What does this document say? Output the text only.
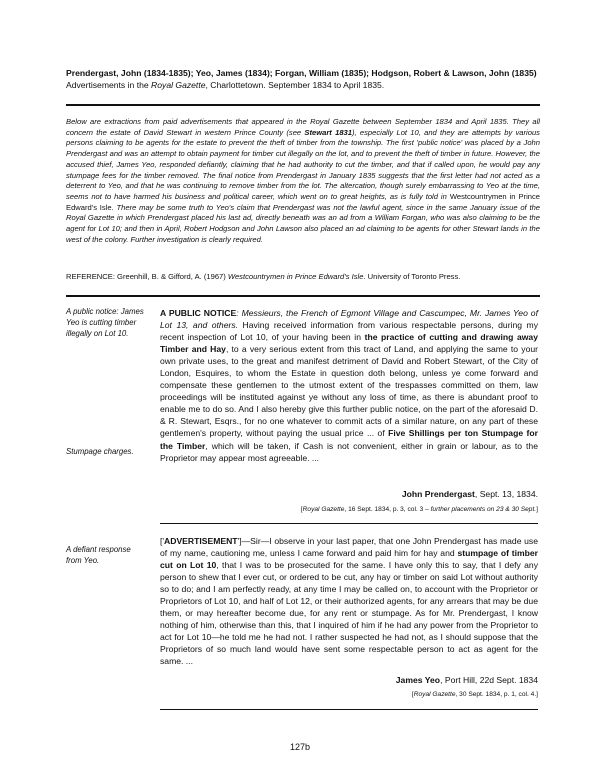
Prendergast, John (1834-1835); Yeo, James (1834); Forgan, William (1835); Hodgson, Robert & Lawson, John (1835) Advertisements in the Royal Gazette, Charlottetown. September 1834 to April 1835.
Below are extractions from paid advertisements that appeared in the Royal Gazette between September 1834 and April 1835. They all concern the estate of David Stewart in western Prince County (see Stewart 1831), especially Lot 10, and they are attempts by various persons claiming to be agents for the estate to prevent the theft of timber from the township. The first 'public notice' was placed by a John Prendergast and was an attempt to obtain payment for timber cut illegally on the lot, and to prevent the theft of timber in future. However, the accused thief, James Yeo, responded defiantly, claiming that he had authority to cut the timber, and that if called upon, he would pay any stumpage fees for the timber removed. The final notice from Prendergast in January 1835 suggests that the first letter had not acted as a deterrent to Yeo, and that he was continuing to remove timber from the lot. The altercation, though surely embarrassing to Yeo at the time, seems not to have harmed his business and political career, which went on to great heights, as is fully told in Westcountrymen in Prince Edward's Isle. There may be some truth to Yeo's claim that Prendergast was not the lawful agent, since in the same January issue of the Royal Gazette in which Prendergast placed his last ad, directly beneath was an ad from a William Forgan, who was also claiming to be the agent for Lot 10; and then in April, Robert Hodgson and John Lawson also placed an ad claiming to be agents for other Stewart lands in the west of the colony. Further investigation is clearly required.
REFERENCE: Greenhill, B. & Gifford, A. (1967) Westcountrymen in Prince Edward's Isle. University of Toronto Press.
A public notice: James Yeo is cutting timber illegally on Lot 10.
Stumpage charges.
A PUBLIC NOTICE: Messieurs, the French of Egmont Village and Cascumpec, Mr. James Yeo of Lot 13, and others. Having received information from various respectable persons, during my recent inspection of Lot 10, of your having been in the practice of cutting and drawing away Timber and Hay, to a very serious extent from this tract of Land, and applying the same to your own private uses, to the great and manifest detriment of David and Robert Stewart, of the City of London, Esquires, to whom the Estate in question doth belong, unless ye come forward and compensate these gentlemen to the utmost extent of the trespasses committed on them, law proceedings will be instituted against ye without any loss of time, as there is abundant proof to enable me to do so. And I also hereby give this further public notice, on the part of the aforesaid D. & R. Stewart, Esqrs., for no one whatever to commit acts of a similar nature, on any part of these gentlemen's property, without paying the usual price ... of Five Shillings per ton Stumpage for the Timber, which will be taken, if Cash is not convenient, either in grain or labour, as to the Proprietor may appear most agreeable. ...
John Prendergast, Sept. 13, 1834.
[Royal Gazette, 16 Sept. 1834, p. 3, col. 3 – further placements on 23 & 30 Sept.]
A defiant response from Yeo.
['ADVERTISEMENT']—Sir—I observe in your last paper, that one John Prendergast has made use of my name, cautioning me, unless I came forward and paid him for hay and stumpage of timber cut on Lot 10, that I was to be prosecuted for the same. I have only this to say, that I defy any person to shew that I ever cut, or ordered to be cut, any hay or timber on said Lot without authority so to do; and I am perfectly ready, at any time I may be called on, to account with the Proprietor or Proprietors of Lot 10, and half of Lot 12, or their authorized agents, for any arrears that may be due them, or may hereafter become due, for any rent or stumpage. As for Mr. Prendergast, I know nothing of him, otherwise than this, that I inquired of him if he had any power from the Proprietor to act for Lot 10—he told me he had not. I rather suspected he had not, as I should suppose that the Proprietors of so much land would have sent some respectable person to act as agent for the same. ...
James Yeo, Port Hill, 22d Sept. 1834
[Royal Gazette, 30 Sept. 1834, p. 1, col. 4.]
127b
